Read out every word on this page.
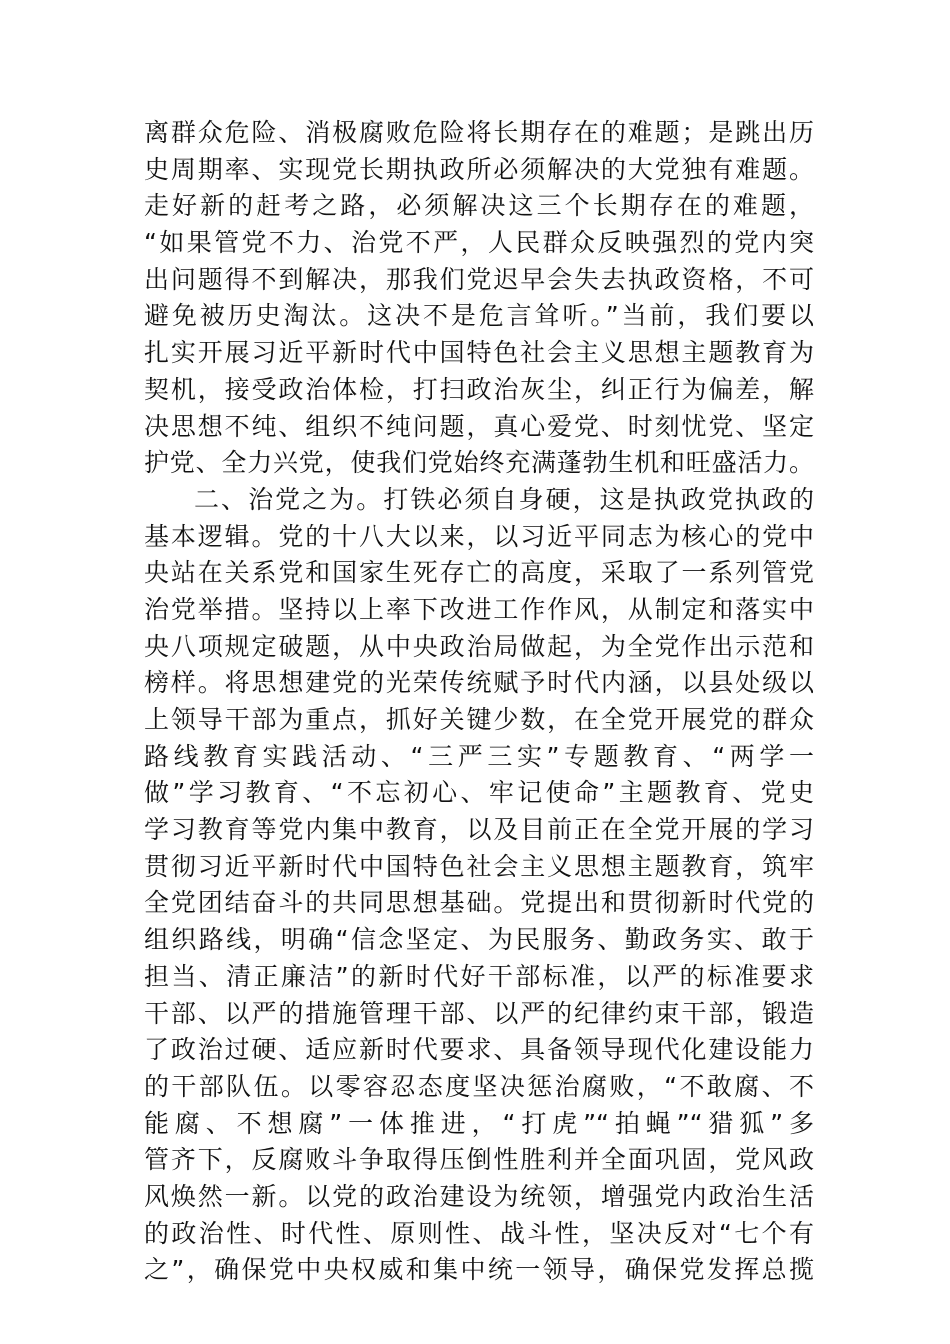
离群众危险、消极腐败危险将长期存在的难题；是跳出历
史周期率、实现党长期执政所必须解决的大党独有难题。
走好新的赶考之路，必须解决这三个长期存在的难题，
“如果管党不力、治党不严，人民群众反映强烈的党内突
出问题得不到解决，那我们党迟早会失去执政资格，不可
避免被历史淘汰。这决不是危言耸听。”当前，我们要以
扎实开展习近平新时代中国特色社会主义思想主题教育为
契机，接受政治体检，打扫政治灰尘，纠正行为偏差，解
决思想不纯、组织不纯问题，真心爱党、时刻忧党、坚定
护党、全力兴党，使我们党始终充满蓬勃生机和旺盛活力。
二、治党之为。打铁必须自身硬，这是执政党执政的
基本逻辑。党的十八大以来，以习近平同志为核心的党中
央站在关系党和国家生死存亡的高度，采取了一系列管党
治党举措。坚持以上率下改进工作作风，从制定和落实中
央八项规定破题，从中央政治局做起，为全党作出示范和
榜样。将思想建党的光荣传统赋予时代内涵，以县处级以
上领导干部为重点，抓好关键少数，在全党开展党的群众
路线教育实践活动、“三严三实”专题教育、“两学一
做”学习教育、“不忘初心、牢记使命”主题教育、党史
学习教育等党内集中教育，以及目前正在全党开展的学习
贯彻习近平新时代中国特色社会主义思想主题教育，筑牢
全党团结奋斗的共同思想基础。党提出和贯彻新时代党的
组织路线，明确“信念坚定、为民服务、勤政务实、敢于
担当、清正廉洁”的新时代好干部标准，以严的标准要求
干部、以严的措施管理干部、以严的纪律约束干部，锻造
了政治过硬、适应新时代要求、具备领导现代化建设能力
的干部队伍。以零容忍态度坚决惩治腐败，“不敢腐、不
能腐、不想腐”一体推进，“打虎”“拍蝇”“猎狐”多
管齐下，反腐败斗争取得压倒性胜利并全面巩固，党风政
风焕然一新。以党的政治建设为统领，增强党内政治生活
的政治性、时代性、原则性、战斗性，坚决反对“七个有
之”，确保党中央权威和集中统一领导，确保党发挥总揽
